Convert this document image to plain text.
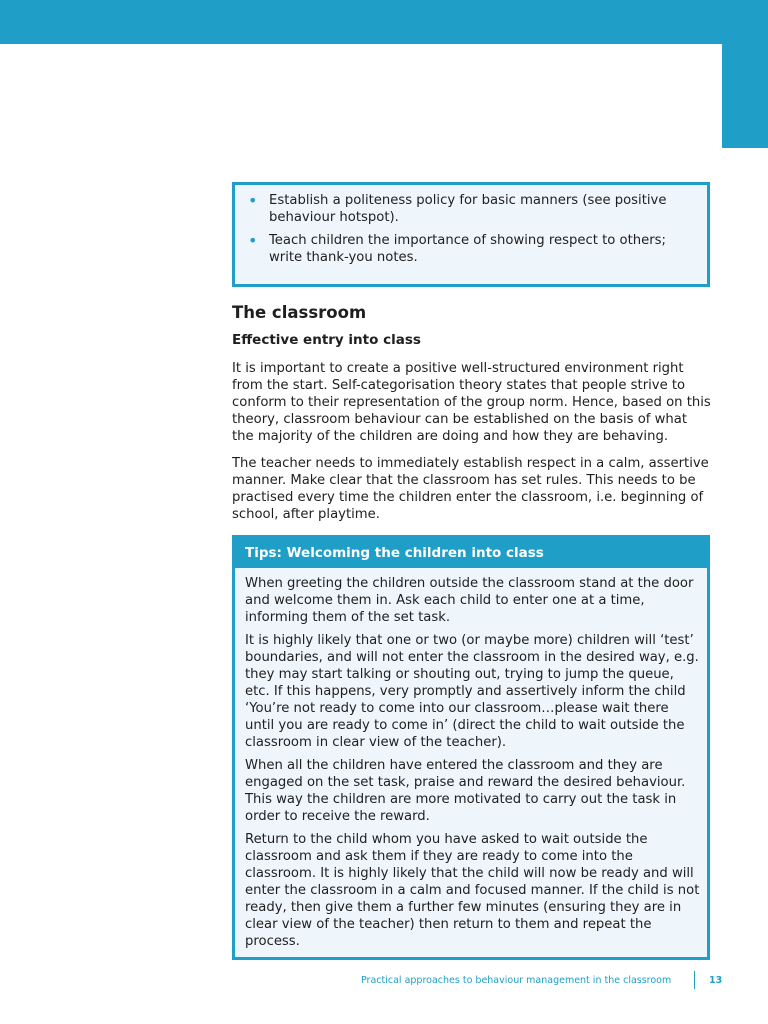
• Establish a politeness policy for basic manners (see positive behaviour hotspot).
• Teach children the importance of showing respect to others; write thank-you notes.
The classroom
Effective entry into class

It is important to create a positive well-structured environment right from the start. Self-categorisation theory states that people strive to conform to their representation of the group norm. Hence, based on this theory, classroom behaviour can be established on the basis of what the majority of the children are doing and how they are behaving.

The teacher needs to immediately establish respect in a calm, assertive manner. Make clear that the classroom has set rules. This needs to be practised every time the children enter the classroom, i.e. beginning of school, after playtime.

Tips: Welcoming the children into class

When greeting the children outside the classroom stand at the door and welcome them in. Ask each child to enter one at a time, informing them of the set task.

It is highly likely that one or two (or maybe more) children will ‘test’ boundaries, and will not enter the classroom in the desired way, e.g. they may start talking or shouting out, trying to jump the queue, etc. If this happens, very promptly and assertively inform the child ‘You’re not ready to come into our classroom…please wait there until you are ready to come in’ (direct the child to wait outside the classroom in clear view of the teacher).

When all the children have entered the classroom and they are engaged on the set task, praise and reward the desired behaviour. This way the children are more motivated to carry out the task in order to receive the reward.

Return to the child whom you have asked to wait outside the classroom and ask them if they are ready to come into the classroom. It is highly likely that the child will now be ready and will enter the classroom in a calm and focused manner. If the child is not ready, then give them a further few minutes (ensuring they are in clear view of the teacher) then return to them and repeat the process.

Practical approaches to behaviour management in the classroom	13
